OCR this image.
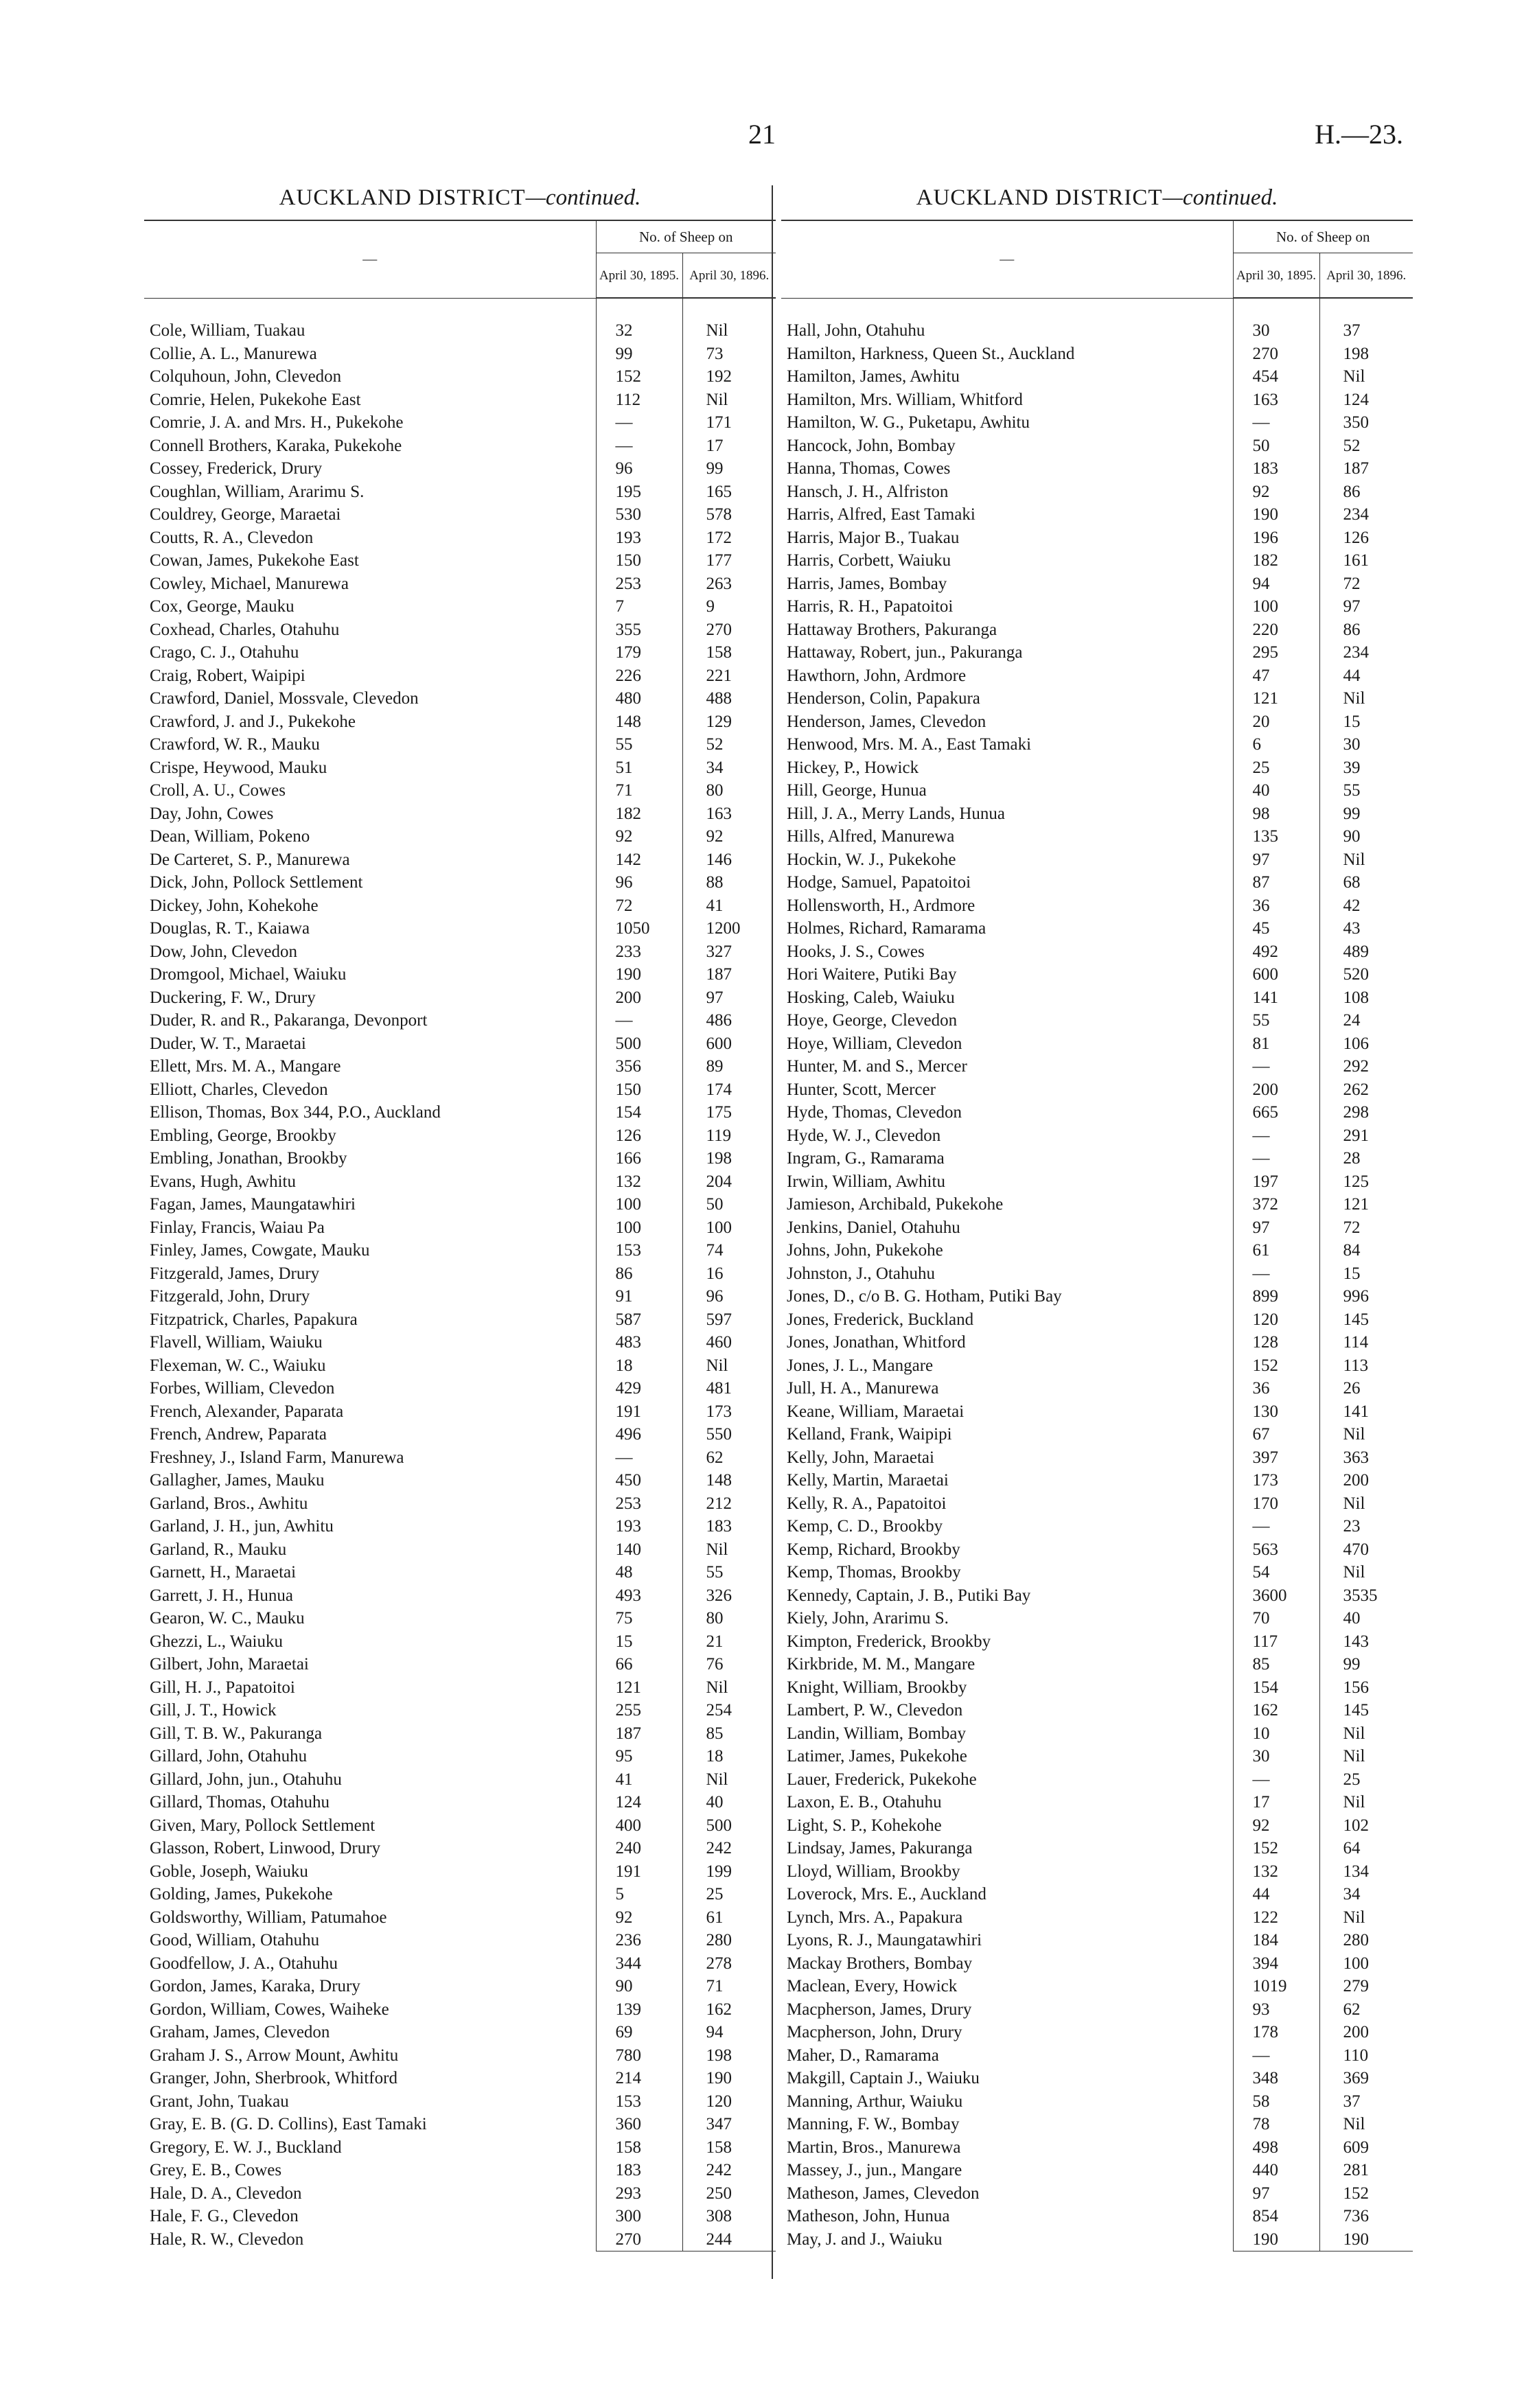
21	H.—23.
AUCKLAND DISTRICT—continued.
—	No. of Sheep on	
	April 30, 1895.	April 30, 1896.

Cole, William, Tuakau	32	Nil
Collie, A. L., Manurewa	99	73
Colquhoun, John, Clevedon	152	192
Comrie, Helen, Pukekohe East	112	Nil
Comrie, J. A. and Mrs. H., Pukekohe	—	171
Connell Brothers, Karaka, Pukekohe	—	17
Cossey, Frederick, Drury	96	99
Coughlan, William, Ararimu S.	195	165
Couldrey, George, Maraetai	530	578
Coutts, R. A., Clevedon	193	172
Cowan, James, Pukekohe East	150	177
Cowley, Michael, Manurewa	253	263
Cox, George, Mauku	7	9
Coxhead, Charles, Otahuhu	355	270
Crago, C. J., Otahuhu	179	158
Craig, Robert, Waipipi	226	221
Crawford, Daniel, Mossvale, Clevedon	480	488
Crawford, J. and J., Pukekohe	148	129
Crawford, W. R., Mauku	55	52
Crispe, Heywood, Mauku	51	34
Croll, A. U., Cowes	71	80
Day, John, Cowes	182	163
Dean, William, Pokeno	92	92
De Carteret, S. P., Manurewa	142	146
Dick, John, Pollock Settlement	96	88
Dickey, John, Kohekohe	72	41
Douglas, R. T., Kaiawa	1050	1200
Dow, John, Clevedon	233	327
Dromgool, Michael, Waiuku	190	187
Duckering, F. W., Drury	200	97
Duder, R. and R., Pakaranga, Devonport	—	486
Duder, W. T., Maraetai	500	600
Ellett, Mrs. M. A., Mangare	356	89
Elliott, Charles, Clevedon	150	174
Ellison, Thomas, Box 344, P.O., Auckland	154	175
Embling, George, Brookby	126	119
Embling, Jonathan, Brookby	166	198
Evans, Hugh, Awhitu	132	204
Fagan, James, Maungatawhiri	100	50
Finlay, Francis, Waiau Pa	100	100
Finley, James, Cowgate, Mauku	153	74
Fitzgerald, James, Drury	86	16
Fitzgerald, John, Drury	91	96
Fitzpatrick, Charles, Papakura	587	597
Flavell, William, Waiuku	483	460
Flexeman, W. C., Waiuku	18	Nil
Forbes, William, Clevedon	429	481
French, Alexander, Paparata	191	173
French, Andrew, Paparata	496	550
Freshney, J., Island Farm, Manurewa	—	62
Gallagher, James, Mauku	450	148
Garland, Bros., Awhitu	253	212
Garland, J. H., jun, Awhitu	193	183
Garland, R., Mauku	140	Nil
Garnett, H., Maraetai	48	55
Garrett, J. H., Hunua	493	326
Gearon, W. C., Mauku	75	80
Ghezzi, L., Waiuku	15	21
Gilbert, John, Maraetai	66	76
Gill, H. J., Papatoitoi	121	Nil
Gill, J. T., Howick	255	254
Gill, T. B. W., Pakuranga	187	85
Gillard, John, Otahuhu	95	18
Gillard, John, jun., Otahuhu	41	Nil
Gillard, Thomas, Otahuhu	124	40
Given, Mary, Pollock Settlement	400	500
Glasson, Robert, Linwood, Drury	240	242
Goble, Joseph, Waiuku	191	199
Golding, James, Pukekohe	5	25
Goldsworthy, William, Patumahoe	92	61
Good, William, Otahuhu	236	280
Goodfellow, J. A., Otahuhu	344	278
Gordon, James, Karaka, Drury	90	71
Gordon, William, Cowes, Waiheke	139	162
Graham, James, Clevedon	69	94
Graham J. S., Arrow Mount, Awhitu	780	198
Granger, John, Sherbrook, Whitford	214	190
Grant, John, Tuakau	153	120
Gray, E. B. (G. D. Collins), East Tamaki	360	347
Gregory, E. W. J., Buckland	158	158
Grey, E. B., Cowes	183	242
Hale, D. A., Clevedon	293	250
Hale, F. G., Clevedon	300	308
Hale, R. W., Clevedon	270	244
AUCKLAND DISTRICT—continued.
—	No. of Sheep on	
	April 30, 1895.	April 30, 1896.

Hall, John, Otahuhu	30	37
Hamilton, Harkness, Queen St., Auckland	270	198
Hamilton, James, Awhitu	454	Nil
Hamilton, Mrs. William, Whitford	163	124
Hamilton, W. G., Puketapu, Awhitu	—	350
Hancock, John, Bombay	50	52
Hanna, Thomas, Cowes	183	187
Hansch, J. H., Alfriston	92	86
Harris, Alfred, East Tamaki	190	234
Harris, Major B., Tuakau	196	126
Harris, Corbett, Waiuku	182	161
Harris, James, Bombay	94	72
Harris, R. H., Papatoitoi	100	97
Hattaway Brothers, Pakuranga	220	86
Hattaway, Robert, jun., Pakuranga	295	234
Hawthorn, John, Ardmore	47	44
Henderson, Colin, Papakura	121	Nil
Henderson, James, Clevedon	20	15
Henwood, Mrs. M. A., East Tamaki	6	30
Hickey, P., Howick	25	39
Hill, George, Hunua	40	55
Hill, J. A., Merry Lands, Hunua	98	99
Hills, Alfred, Manurewa	135	90
Hockin, W. J., Pukekohe	97	Nil
Hodge, Samuel, Papatoitoi	87	68
Hollensworth, H., Ardmore	36	42
Holmes, Richard, Ramarama	45	43
Hooks, J. S., Cowes	492	489
Hori Waitere, Putiki Bay	600	520
Hosking, Caleb, Waiuku	141	108
Hoye, George, Clevedon	55	24
Hoye, William, Clevedon	81	106
Hunter, M. and S., Mercer	—	292
Hunter, Scott, Mercer	200	262
Hyde, Thomas, Clevedon	665	298
Hyde, W. J., Clevedon	—	291
Ingram, G., Ramarama	—	28
Irwin, William, Awhitu	197	125
Jamieson, Archibald, Pukekohe	372	121
Jenkins, Daniel, Otahuhu	97	72
Johns, John, Pukekohe	61	84
Johnston, J., Otahuhu	—	15
Jones, D., c/o B. G. Hotham, Putiki Bay	899	996
Jones, Frederick, Buckland	120	145
Jones, Jonathan, Whitford	128	114
Jones, J. L., Mangare	152	113
Jull, H. A., Manurewa	36	26
Keane, William, Maraetai	130	141
Kelland, Frank, Waipipi	67	Nil
Kelly, John, Maraetai	397	363
Kelly, Martin, Maraetai	173	200
Kelly, R. A., Papatoitoi	170	Nil
Kemp, C. D., Brookby	—	23
Kemp, Richard, Brookby	563	470
Kemp, Thomas, Brookby	54	Nil
Kennedy, Captain, J. B., Putiki Bay	3600	3535
Kiely, John, Ararimu S.	70	40
Kimpton, Frederick, Brookby	117	143
Kirkbride, M. M., Mangare	85	99
Knight, William, Brookby	154	156
Lambert, P. W., Clevedon	162	145
Landin, William, Bombay	10	Nil
Latimer, James, Pukekohe	30	Nil
Lauer, Frederick, Pukekohe	—	25
Laxon, E. B., Otahuhu	17	Nil
Light, S. P., Kohekohe	92	102
Lindsay, James, Pakuranga	152	64
Lloyd, William, Brookby	132	134
Loverock, Mrs. E., Auckland	44	34
Lynch, Mrs. A., Papakura	122	Nil
Lyons, R. J., Maungatawhiri	184	280
Mackay Brothers, Bombay	394	100
Maclean, Every, Howick	1019	279
Macpherson, James, Drury	93	62
Macpherson, John, Drury	178	200
Maher, D., Ramarama	—	110
Makgill, Captain J., Waiuku	348	369
Manning, Arthur, Waiuku	58	37
Manning, F. W., Bombay	78	Nil
Martin, Bros., Manurewa	498	609
Massey, J., jun., Mangare	440	281
Matheson, James, Clevedon	97	152
Matheson, John, Hunua	854	736
May, J. and J., Waiuku	190	190
